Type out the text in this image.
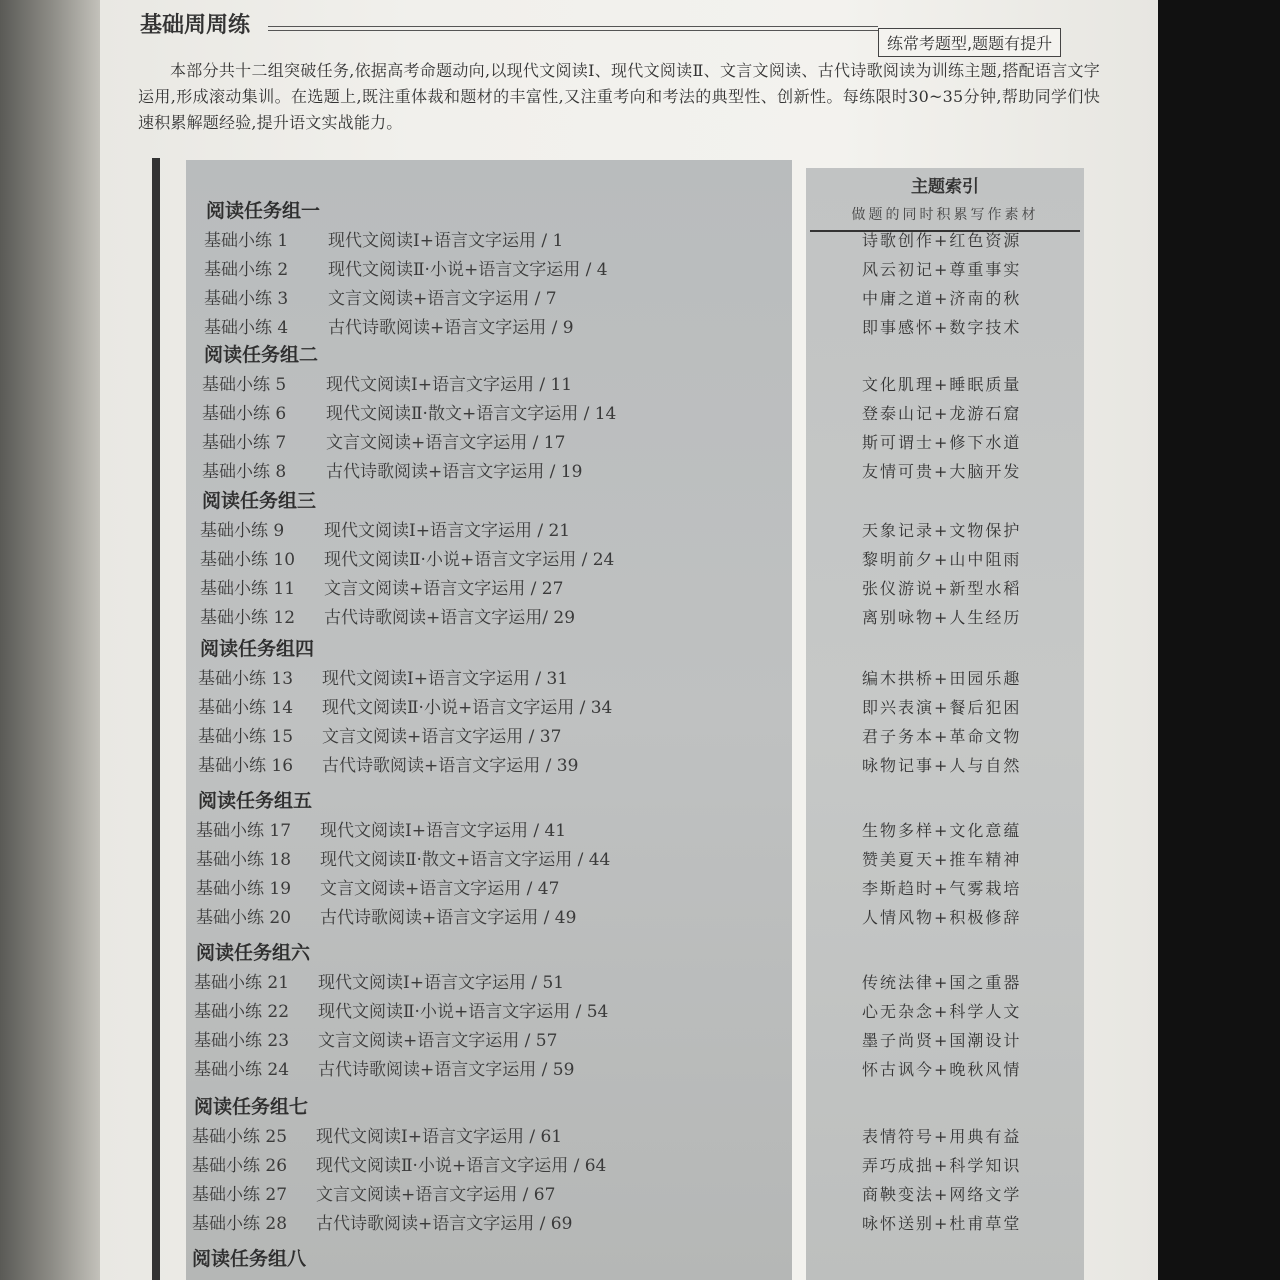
基础周周练
练常考题型,题题有提升
本部分共十二组突破任务,依据高考命题动向,以现代文阅读Ⅰ、现代文阅读Ⅱ、文言文阅读、古代诗歌阅读为训练主题,搭配语言文字运用,形成滚动集训。在选题上,既注重体裁和题材的丰富性,又注重考向和考法的典型性、创新性。每练限时30~35分钟,帮助同学们快速积累解题经验,提升语文实战能力。
阅读任务组一
基础小练 1 现代文阅读Ⅰ+语言文字运用 / 1
基础小练 2 现代文阅读Ⅱ·小说+语言文字运用 / 4
基础小练 3 文言文阅读+语言文字运用 / 7
基础小练 4 古代诗歌阅读+语言文字运用 / 9
阅读任务组二
基础小练 5 现代文阅读Ⅰ+语言文字运用 / 11
基础小练 6 现代文阅读Ⅱ·散文+语言文字运用 / 14
基础小练 7 文言文阅读+语言文字运用 / 17
基础小练 8 古代诗歌阅读+语言文字运用 / 19
阅读任务组三
基础小练 9 现代文阅读Ⅰ+语言文字运用 / 21
基础小练 10 现代文阅读Ⅱ·小说+语言文字运用 / 24
基础小练 11 文言文阅读+语言文字运用 / 27
基础小练 12 古代诗歌阅读+语言文字运用/ 29
阅读任务组四
基础小练 13 现代文阅读Ⅰ+语言文字运用 / 31
基础小练 14 现代文阅读Ⅱ·小说+语言文字运用 / 34
基础小练 15 文言文阅读+语言文字运用 / 37
基础小练 16 古代诗歌阅读+语言文字运用 / 39
阅读任务组五
基础小练 17 现代文阅读Ⅰ+语言文字运用 / 41
基础小练 18 现代文阅读Ⅱ·散文+语言文字运用 / 44
基础小练 19 文言文阅读+语言文字运用 / 47
基础小练 20 古代诗歌阅读+语言文字运用 / 49
阅读任务组六
基础小练 21 现代文阅读Ⅰ+语言文字运用 / 51
基础小练 22 现代文阅读Ⅱ·小说+语言文字运用 / 54
基础小练 23 文言文阅读+语言文字运用 / 57
基础小练 24 古代诗歌阅读+语言文字运用 / 59
阅读任务组七
基础小练 25 现代文阅读Ⅰ+语言文字运用 / 61
基础小练 26 现代文阅读Ⅱ·小说+语言文字运用 / 64
基础小练 27 文言文阅读+语言文字运用 / 67
基础小练 28 古代诗歌阅读+语言文字运用 / 69
阅读任务组八
主题索引
做题的同时积累写作素材
诗歌创作+红色资源
风云初记+尊重事实
中庸之道+济南的秋
即事感怀+数字技术
文化肌理+睡眠质量
登泰山记+龙游石窟
斯可谓士+修下水道
友情可贵+大脑开发
天象记录+文物保护
黎明前夕+山中阻雨
张仪游说+新型水稻
离别咏物+人生经历
编木拱桥+田园乐趣
即兴表演+餐后犯困
君子务本+革命文物
咏物记事+人与自然
生物多样+文化意蕴
赞美夏天+推车精神
李斯趋时+气雾栽培
人情风物+积极修辞
传统法律+国之重器
心无杂念+科学人文
墨子尚贤+国潮设计
怀古讽今+晚秋风情
表情符号+用典有益
弄巧成拙+科学知识
商鞅变法+网络文学
咏怀送别+杜甫草堂
